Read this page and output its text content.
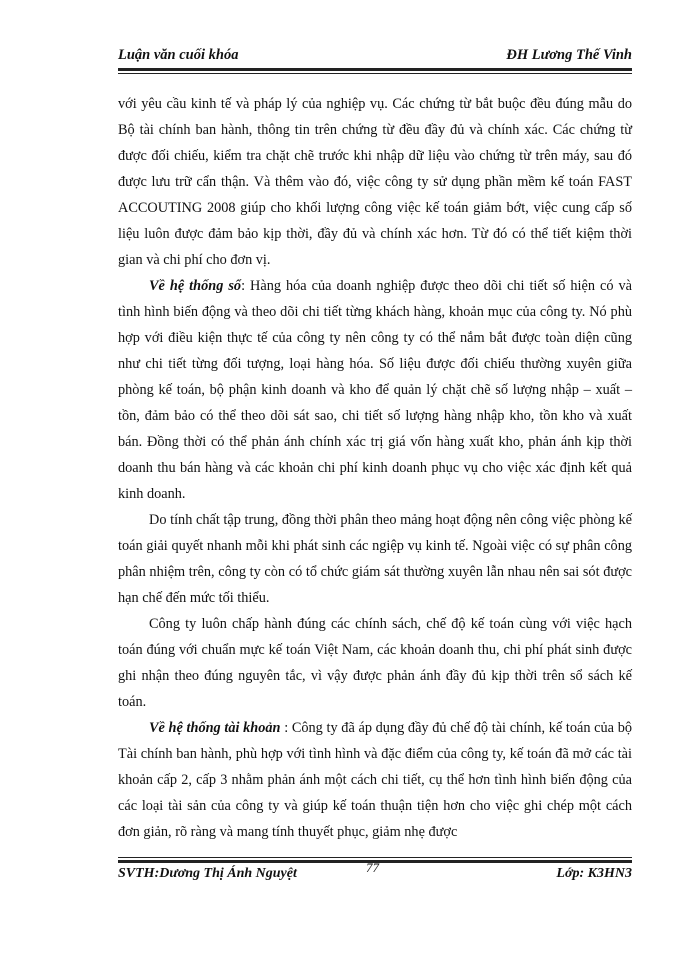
Luận văn cuối khóa	ĐH Lương Thế Vinh

với yêu cầu kinh tế và pháp lý của nghiệp vụ. Các chứng từ bắt buộc đều đúng mẫu do Bộ tài chính ban hành, thông tin trên chứng từ đều đầy đủ và chính xác. Các chứng từ được đối chiếu, kiểm tra chặt chẽ trước khi nhập dữ liệu vào chứng từ trên máy, sau đó được lưu trữ cẩn thận. Và thêm vào đó, việc công ty sử dụng phần mềm kế toán FAST ACCOUTING 2008 giúp cho khối lượng công việc kế toán giảm bớt, việc cung cấp số liệu luôn được đảm bảo kịp thời, đầy đủ và chính xác hơn. Từ đó có thể tiết kiệm thời gian và chi phí cho đơn vị.

Về hệ thống sổ: Hàng hóa của doanh nghiệp được theo dõi chi tiết số hiện có và tình hình biến động và theo dõi chi tiết từng khách hàng, khoản mục của công ty. Nó phù hợp với điều kiện thực tế của công ty nên công ty có thể nắm bắt được toàn diện cũng như chi tiết từng đối tượng, loại hàng hóa. Số liệu được đối chiếu thường xuyên giữa phòng kế toán, bộ phận kinh doanh và kho để quản lý chặt chẽ số lượng nhập – xuất – tồn, đảm bảo có thể theo dõi sát sao, chi tiết số lượng hàng nhập kho, tồn kho và xuất bán. Đồng thời có thể phản ánh chính xác trị giá vốn hàng xuất kho, phản ánh kịp thời doanh thu bán hàng và các khoản chi phí kinh doanh phục vụ cho việc xác định kết quả kinh doanh.

Do tính chất tập trung, đồng thời phân theo mảng hoạt động nên công việc phòng kế toán giải quyết nhanh mỗi khi phát sinh các ngiệp vụ kinh tế. Ngoài việc có sự phân công phân nhiệm trên, công ty còn có tổ chức giám sát thường xuyên lẫn nhau nên sai sót được hạn chế đến mức tối thiểu.

Công ty luôn chấp hành đúng các chính sách, chế độ kế toán cùng với việc hạch toán đúng với chuẩn mực kế toán Việt Nam, các khoản doanh thu, chi phí phát sinh được ghi nhận theo đúng nguyên tắc, vì vậy được phản ánh đầy đủ kịp thời trên sổ sách kế toán.

Về hệ thống tài khoản : Công ty đã áp dụng đầy đủ chế độ tài chính, kế toán của bộ Tài chính ban hành, phù hợp với tình hình và đặc điểm của công ty, kế toán đã mở các tài khoản cấp 2, cấp 3 nhằm phản ánh một cách chi tiết, cụ thể hơn tình hình biến động của các loại tài sản của công ty và giúp kế toán thuận tiện hơn cho việc ghi chép một cách đơn giản, rõ ràng và mang tính thuyết phục, giảm nhẹ được

SVTH:Dương Thị Ánh Nguyệt	77	Lớp: K3HN3
